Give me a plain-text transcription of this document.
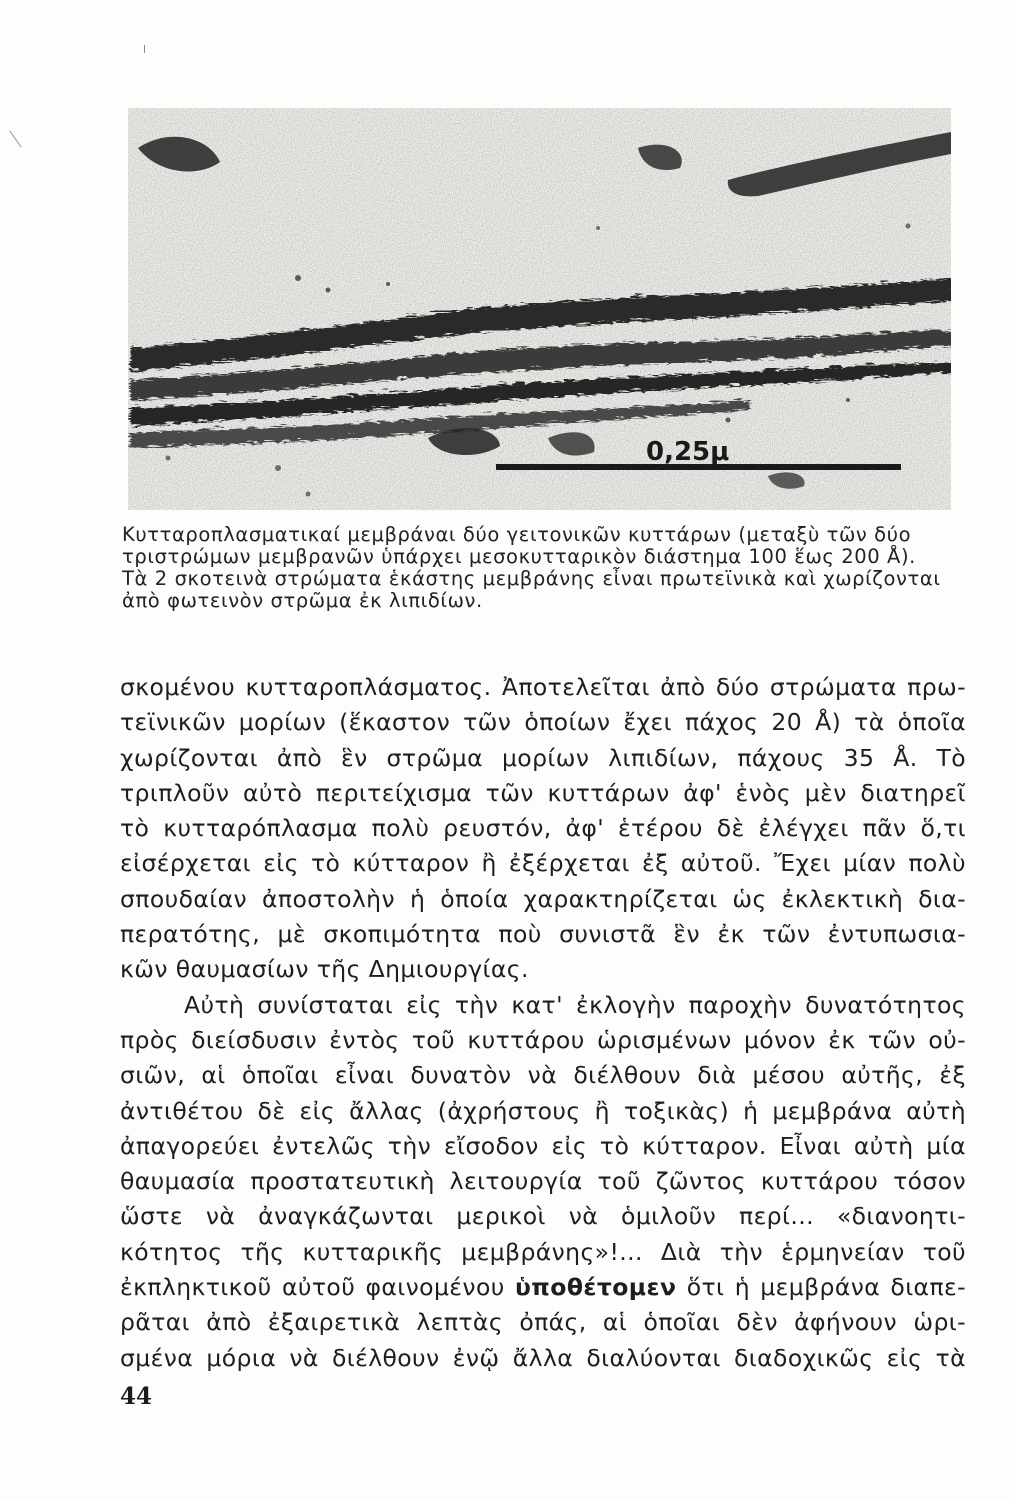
0,25μ

Κυτταροπλασματικαί μεμβράναι δύο γειτονικῶν κυττάρων (μεταξὺ τῶν δύο

τριστρώμων μεμβρανῶν ὑπάρχει μεσοκυτταρικὸν διάστημα 100 ἕως 200 Å).

Τὰ 2 σκοτεινὰ στρώματα ἑκάστης μεμβράνης εἶναι πρωτεϊνικὰ καὶ χωρίζονται

ἀπὸ φωτεινὸν στρῶμα ἐκ λιπιδίων.

σκομένου κυτταροπλάσματος. Ἀποτελεῖται ἀπὸ δύο στρώματα πρω-
τεϊνικῶν μορίων (ἕκαστον τῶν ὁποίων ἔχει πάχος 20 Å) τὰ ὁποῖα
χωρίζονται ἀπὸ ἓν στρῶμα μορίων λιπιδίων, πάχους 35 Å. Τὸ
τριπλοῦν αὐτὸ περιτείχισμα τῶν κυττάρων ἀφ' ἑνὸς μὲν διατηρεῖ
τὸ κυτταρόπλασμα πολὺ ρευστόν, ἀφ' ἑτέρου δὲ ἐλέγχει πᾶν ὅ,τι
εἰσέρχεται εἰς τὸ κύτταρον ἢ ἐξέρχεται ἐξ αὐτοῦ. Ἔχει μίαν πολὺ
σπουδαίαν ἀποστολὴν ἡ ὁποία χαρακτηρίζεται ὡς ἐκλεκτικὴ δια-
περατότης, μὲ σκοπιμότητα ποὺ συνιστᾶ ἓν ἐκ τῶν ἐντυπωσια-
κῶν θαυμασίων τῆς Δημιουργίας.
Αὐτὴ συνίσταται εἰς τὴν κατ' ἐκλογὴν παροχὴν δυνατότητος
πρὸς διείσδυσιν ἐντὸς τοῦ κυττάρου ὡρισμένων μόνον ἐκ τῶν οὐ-
σιῶν, αἱ ὁποῖαι εἶναι δυνατὸν νὰ διέλθουν διὰ μέσου αὐτῆς, ἐξ
ἀντιθέτου δὲ εἰς ἄλλας (ἀχρήστους ἢ τοξικὰς) ἡ μεμβράνα αὐτὴ
ἀπαγορεύει ἐντελῶς τὴν εἴσοδον εἰς τὸ κύτταρον. Εἶναι αὐτὴ μία
θαυμασία προστατευτικὴ λειτουργία τοῦ ζῶντος κυττάρου τόσον
ὥστε νὰ ἀναγκάζωνται μερικοὶ νὰ ὁμιλοῦν περί... «διανοητι-
κότητος τῆς κυτταρικῆς μεμβράνης»!... Διὰ τὴν ἑρμηνείαν τοῦ
ἐκπληκτικοῦ αὐτοῦ φαινομένου ὑποθέτομεν ὅτι ἡ μεμβράνα διαπε-
ρᾶται ἀπὸ ἐξαιρετικὰ λεπτὰς ὀπάς, αἱ ὁποῖαι δὲν ἀφήνουν ὡρι-
σμένα μόρια νὰ διέλθουν ἐνῷ ἄλλα διαλύονται διαδοχικῶς εἰς τὰ
44
